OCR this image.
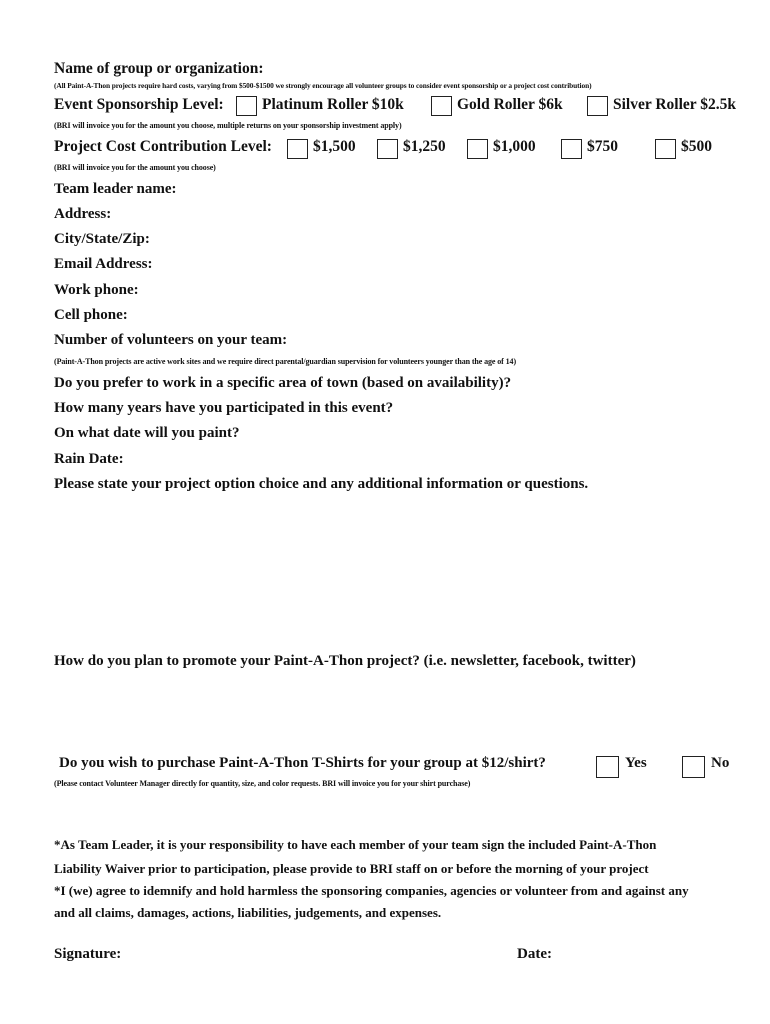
Name of group or organization:
(All Paint-A-Thon projects require hard costs, varying from $500-$1500 we strongly encourage all volunteer groups to consider event sponsorship or a project cost contribution)
Event Sponsorship Level: Platinum Roller $10k	Gold Roller $6k	Silver Roller $2.5k
(BRI will invoice you for the amount you choose, multiple returns on your sponsorship investment apply)
Project Cost Contribution Level:	$1,500	$1,250	$1,000	$750	$500
(BRI will invoice you for the amount you choose)
Team leader name:
Address:
City/State/Zip:
Email Address:
Work phone:
Cell phone:
Number of volunteers on your team:
(Paint-A-Thon projects are active work sites and we require direct parental/guardian supervision for volunteers younger than the age of 14)
Do you prefer to work in a specific area of town (based on availability)?
How many years have you participated in this event?
On what date will you paint?
Rain Date:
Please state your project option choice and any additional information or questions.
How do you plan to promote your Paint-A-Thon project? (i.e. newsletter, facebook, twitter)
Do you wish to purchase Paint-A-Thon T-Shirts for your group at $12/shirt?	Yes	No
(Please contact Volunteer Manager directly for quantity, size, and color requests. BRI will invoice you for your shirt purchase)
*As Team Leader, it is your responsibility to have each member of your team sign the included Paint-A-Thon
Liability Waiver prior to participation, please provide to BRI staff on or before the morning of your project
*I (we) agree to idemnify and hold harmless the sponsoring companies, agencies or volunteer from and against any
and all claims, damages, actions, liabilities, judgements, and expenses.
Signature:	Date:
